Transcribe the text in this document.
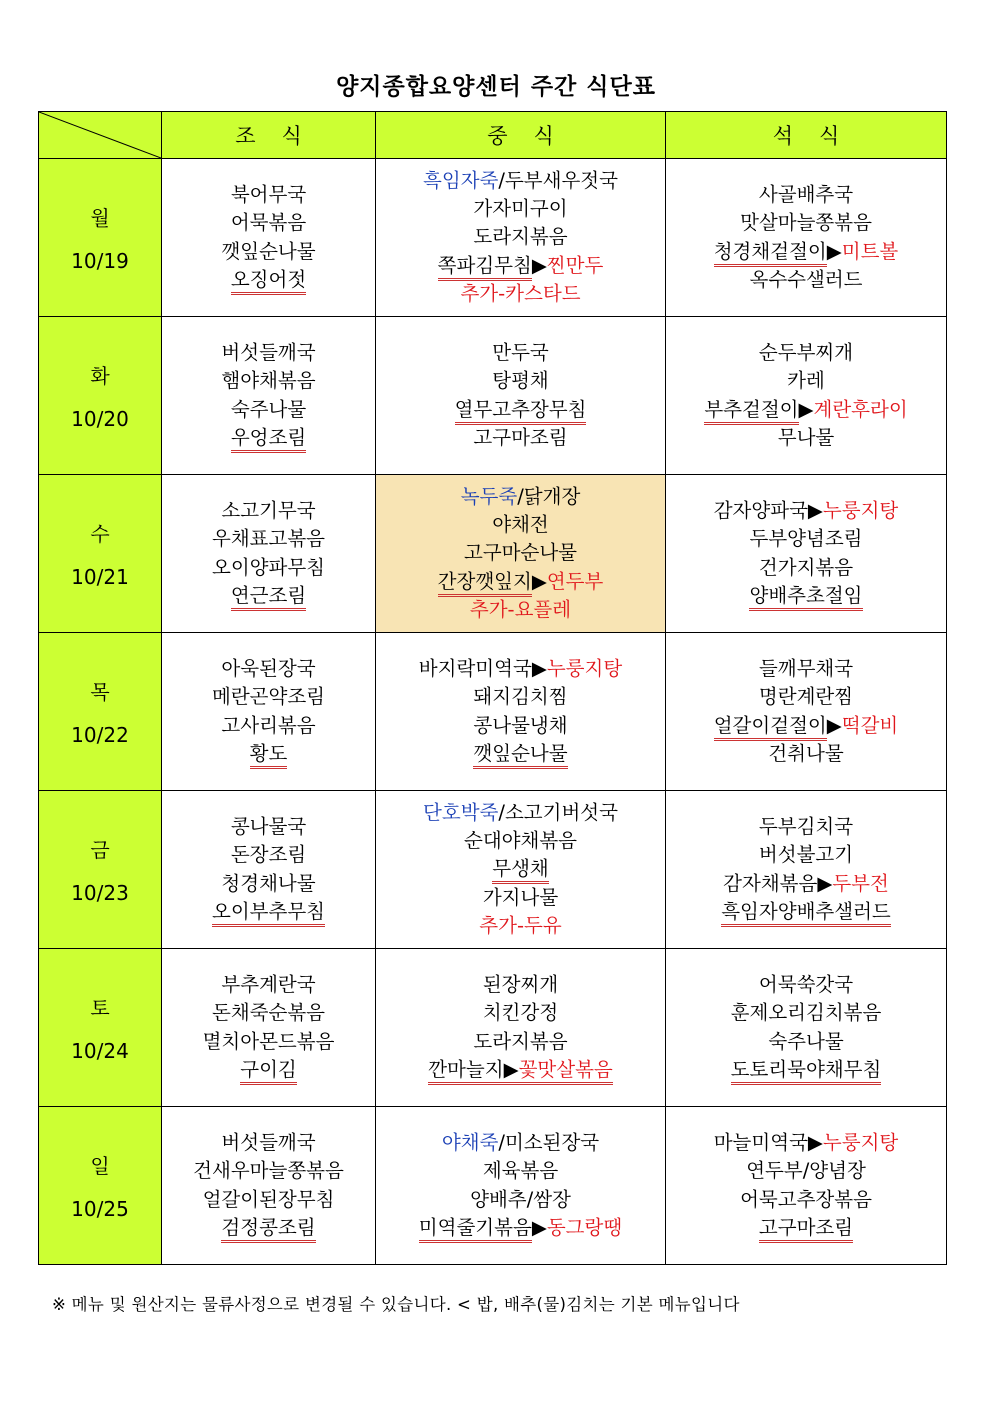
양지종합요양센터 주간 식단표
	조식	중식	석식

월
10/19	북어무국
어묵볶음
깻잎순나물
오징어젓	흑임자죽/두부새우젓국
가자미구이
도라지볶음
쪽파김무침▶찐만두
추가-카스타드	사골배추국
맛살마늘쫑볶음
청경채겉절이▶미트볼
옥수수샐러드

화
10/20	버섯들깨국
햄야채볶음
숙주나물
우엉조림	만두국
탕평채
열무고추장무침
고구마조림	순두부찌개
카레
부추겉절이▶계란후라이
무나물

수
10/21	소고기무국
우채표고볶음
오이양파무침
연근조림	녹두죽/닭개장
야채전
고구마순나물
간장깻잎지▶연두부
추가-요플레	감자양파국▶누룽지탕
두부양념조림
건가지볶음
양배추초절임

목
10/22	아욱된장국
메란곤약조림
고사리볶음
황도	바지락미역국▶누룽지탕
돼지김치찜
콩나물냉채
깻잎순나물	들깨무채국
명란계란찜
얼갈이겉절이▶떡갈비
건취나물

금
10/23	콩나물국
돈장조림
청경채나물
오이부추무침	단호박죽/소고기버섯국
순대야채볶음
무생채
가지나물
추가-두유	두부김치국
버섯불고기
감자채볶음▶두부전
흑임자양배추샐러드

토
10/24	부추계란국
돈채죽순볶음
멸치아몬드볶음
구이김	된장찌개
치킨강정
도라지볶음
깐마늘지▶꽃맛살볶음	어묵쑥갓국
훈제오리김치볶음
숙주나물
도토리묵야채무침

일
10/25	버섯들깨국
건새우마늘쫑볶음
얼갈이된장무침
검정콩조림	야채죽/미소된장국
제육볶음
양배추/쌈장
미역줄기볶음▶동그랑땡	마늘미역국▶누룽지탕
연두부/양념장
어묵고추장볶음
고구마조림
※ 메뉴 및 원산지는 물류사정으로 변경될 수 있습니다. < 밥, 배추(물)김치는 기본 메뉴입니다
